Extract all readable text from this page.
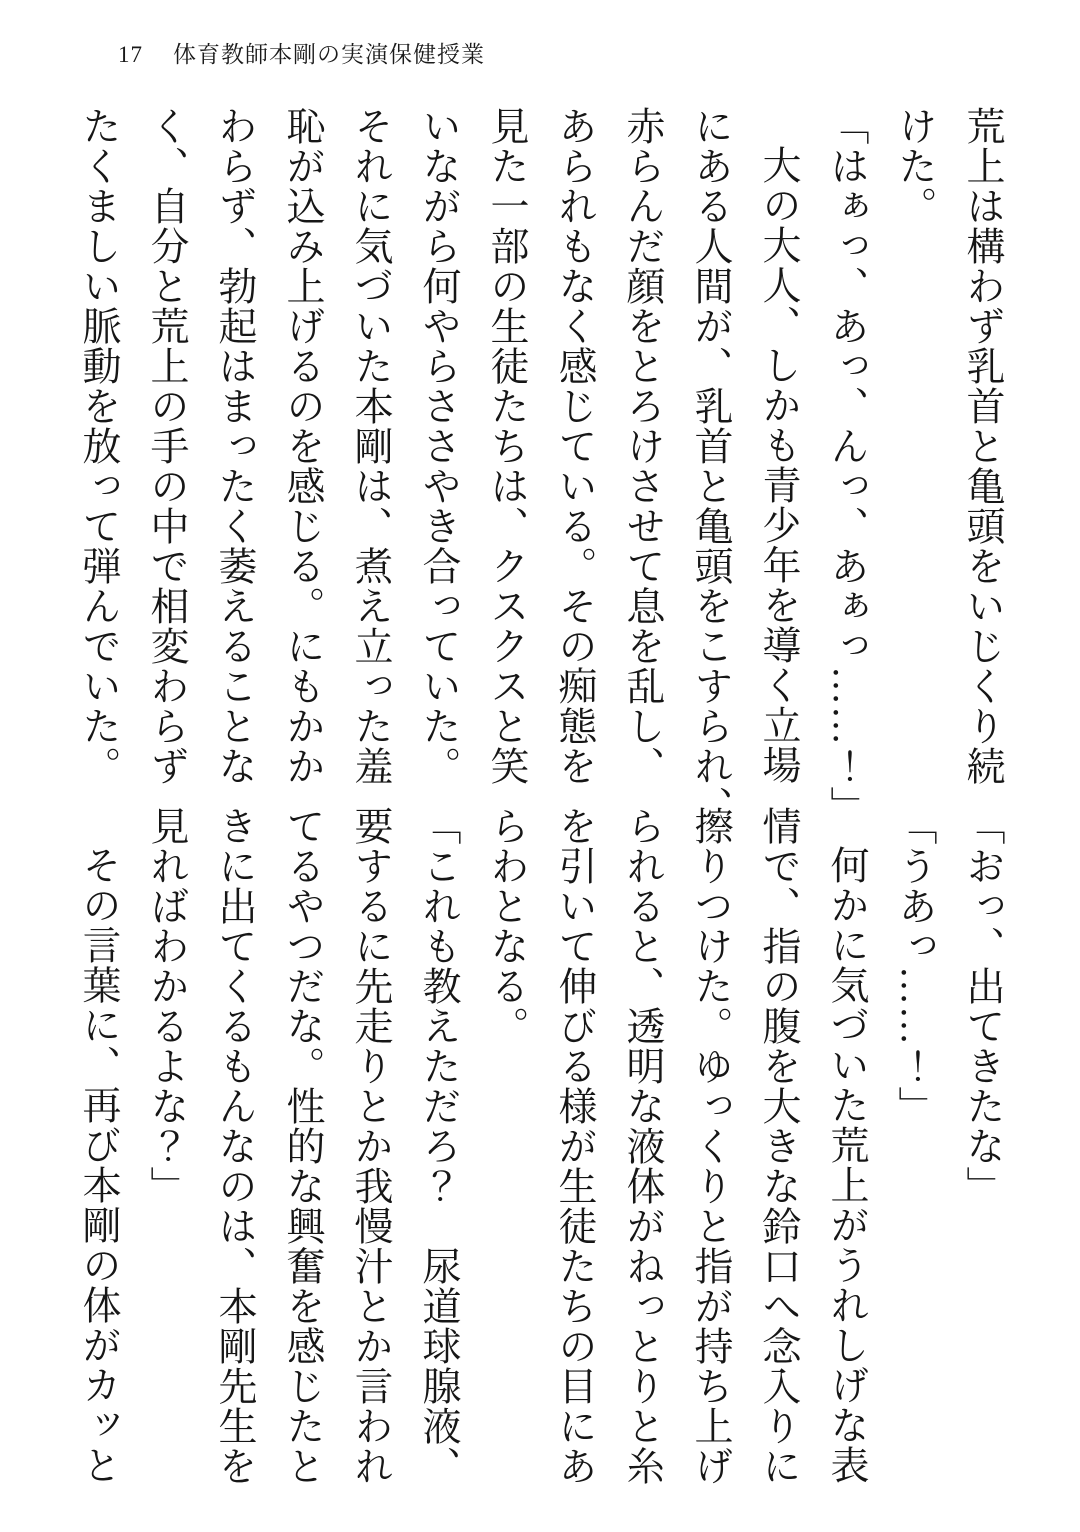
17 体育教師本剛の実演保健授業

荒上は構わず乳首と亀頭をいじくり続

けた。

「はぁっ、あっ、んっ、あぁっ……！」

大の大人、しかも青少年を導く立場

にある人間が、乳首と亀頭をこすられ、

赤らんだ顔をとろけさせて息を乱し、

あられもなく感じている。その痴態を

見た一部の生徒たちは、クスクスと笑

いながら何やらささやき合っていた。

それに気づいた本剛は、煮え立った羞

恥が込み上げるのを感じる。にもかか

わらず、勃起はまったく萎えることな

く、自分と荒上の手の中で相変わらず

たくましい脈動を放って弾んでいた。

「おっ、出てきたな」

「うあっ……！」

何かに気づいた荒上がうれしげな表

情で、指の腹を大きな鈴口へ念入りに

擦りつけた。ゆっくりと指が持ち上げ

られると、透明な液体がねっとりと糸

を引いて伸びる様が生徒たちの目にあ

らわとなる。

「これも教えただろ？　尿道球腺液、

要するに先走りとか我慢汁とか言われ

てるやつだな。性的な興奮を感じたと

きに出てくるもんなのは、本剛先生を

見ればわかるよな？」

その言葉に、再び本剛の体がカッと
